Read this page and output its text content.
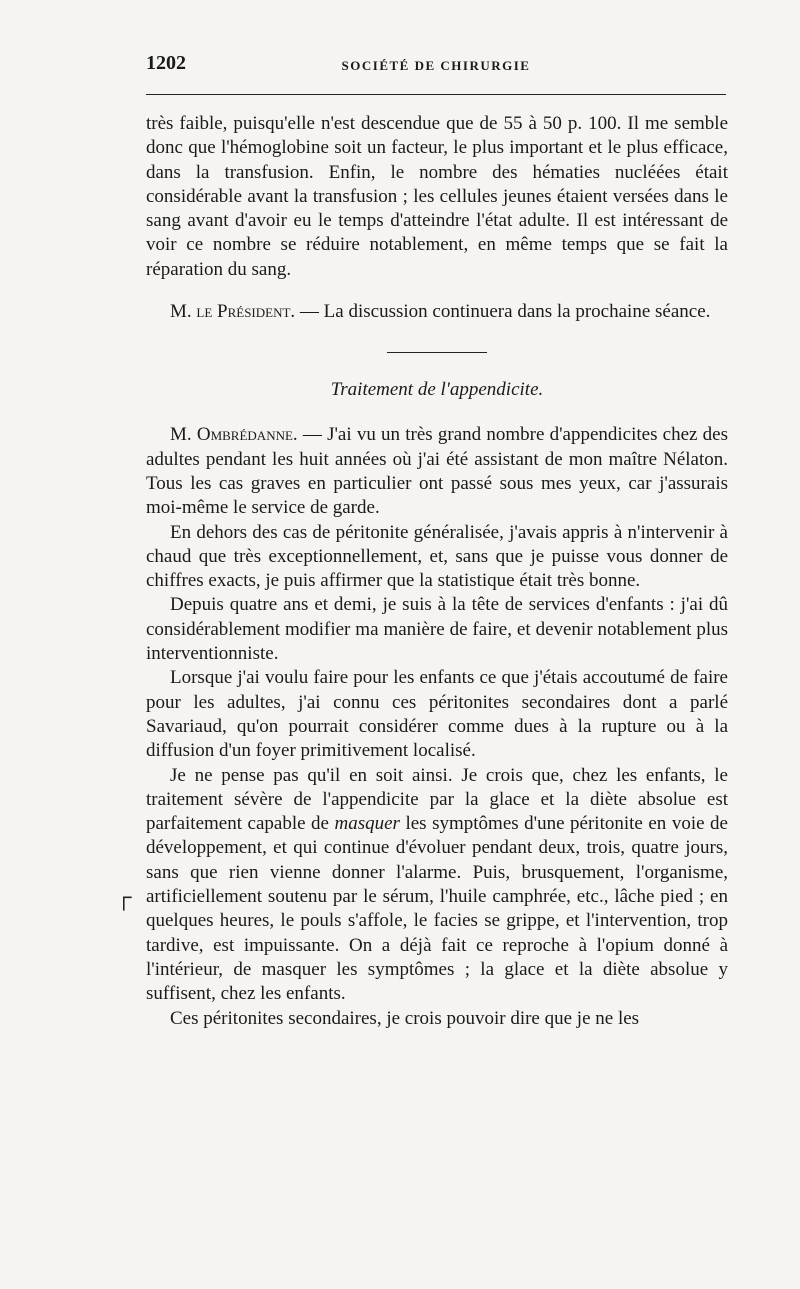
1202	SOCIÉTÉ DE CHIRURGIE
┌

très faible, puisqu'elle n'est descendue que de 55 à 50 p. 100. Il me semble donc que l'hémoglobine soit un facteur, le plus important et le plus efficace, dans la transfusion. Enfin, le nombre des hématies nucléées était considérable avant la transfusion ; les cellules jeunes étaient versées dans le sang avant d'avoir eu le temps d'atteindre l'état adulte. Il est intéressant de voir ce nombre se réduire notablement, en même temps que se fait la réparation du sang.

M. le Président. — La discussion continuera dans la prochaine séance.

Traitement de l'appendicite.

M. Ombrédanne. — J'ai vu un très grand nombre d'appendicites chez des adultes pendant les huit années où j'ai été assistant de mon maître Nélaton. Tous les cas graves en particulier ont passé sous mes yeux, car j'assurais moi-même le service de garde.

En dehors des cas de péritonite généralisée, j'avais appris à n'intervenir à chaud que très exceptionnellement, et, sans que je puisse vous donner de chiffres exacts, je puis affirmer que la statistique était très bonne.

Depuis quatre ans et demi, je suis à la tête de services d'enfants : j'ai dû considérablement modifier ma manière de faire, et devenir notablement plus interventionniste.

Lorsque j'ai voulu faire pour les enfants ce que j'étais accoutumé de faire pour les adultes, j'ai connu ces péritonites secondaires dont a parlé Savariaud, qu'on pourrait considérer comme dues à la rupture ou à la diffusion d'un foyer primitivement localisé.

Je ne pense pas qu'il en soit ainsi. Je crois que, chez les enfants, le traitement sévère de l'appendicite par la glace et la diète absolue est parfaitement capable de masquer les symptômes d'une péritonite en voie de développement, et qui continue d'évoluer pendant deux, trois, quatre jours, sans que rien vienne donner l'alarme. Puis, brusquement, l'organisme, artificiellement soutenu par le sérum, l'huile camphrée, etc., lâche pied ; en quelques heures, le pouls s'affole, le facies se grippe, et l'intervention, trop tardive, est impuissante. On a déjà fait ce reproche à l'opium donné à l'intérieur, de masquer les symptômes ; la glace et la diète absolue y suffisent, chez les enfants.

Ces péritonites secondaires, je crois pouvoir dire que je ne les
